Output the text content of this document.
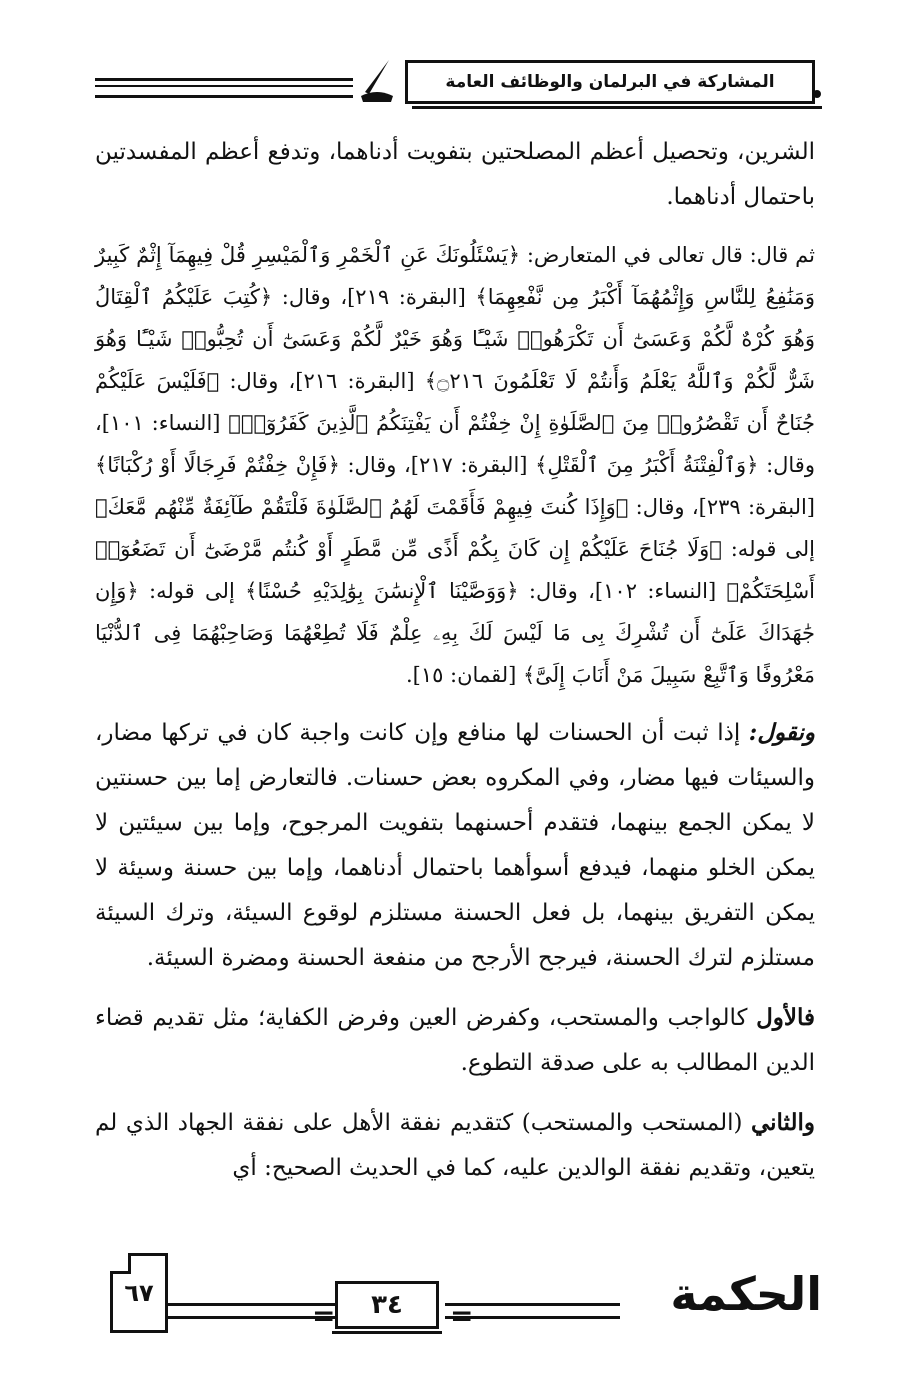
المشاركة في البرلمان والوظائف العامة

الشرين، وتحصيل أعظم المصلحتين بتفويت أدناهما، وتدفع أعظم المفسدتين باحتمال أدناهما.

ثم قال: قال تعالى في المتعارض: ﴿يَسْئَلُونَكَ عَنِ ٱلْخَمْرِ وَٱلْمَيْسِرِ قُلْ فِيهِمَآ إِثْمٌ كَبِيرٌ وَمَنَٰفِعُ لِلنَّاسِ وَإِثْمُهُمَآ أَكْبَرُ مِن نَّفْعِهِمَا﴾ [البقرة: ٢١٩]، وقال: ﴿كُتِبَ عَلَيْكُمُ ٱلْقِتَالُ وَهُوَ كُرْهٌ لَّكُمْ وَعَسَىٰٓ أَن تَكْرَهُوا۟ شَيْـًٔا وَهُوَ خَيْرٌ لَّكُمْ وَعَسَىٰٓ أَن تُحِبُّوا۟ شَيْـًٔا وَهُوَ شَرٌّ لَّكُمْ وَٱللَّهُ يَعْلَمُ وَأَنتُمْ لَا تَعْلَمُونَ ۝٢١٦﴾ [البقرة: ٢١٦]، وقال: ﴿فَلَيْسَ عَلَيْكُمْ جُنَاحٌ أَن تَقْصُرُوا۟ مِنَ ٱلصَّلَوٰةِ إِنْ خِفْتُمْ أَن يَفْتِنَكُمُ ٱلَّذِينَ كَفَرُوٓا۟﴾ [النساء: ١٠١]، وقال: ﴿وَٱلْفِتْنَةُ أَكْبَرُ مِنَ ٱلْقَتْلِ﴾ [البقرة: ٢١٧]، وقال: ﴿فَإِنْ خِفْتُمْ فَرِجَالًا أَوْ رُكْبَانًا﴾ [البقرة: ٢٣٩]، وقال: ﴿وَإِذَا كُنتَ فِيهِمْ فَأَقَمْتَ لَهُمُ ٱلصَّلَوٰةَ فَلْتَقُمْ طَآئِفَةٌ مِّنْهُم مَّعَكَ﴾ إلى قوله: ﴿وَلَا جُنَاحَ عَلَيْكُمْ إِن كَانَ بِكُمْ أَذًى مِّن مَّطَرٍ أَوْ كُنتُم مَّرْضَىٰٓ أَن تَضَعُوٓا۟ أَسْلِحَتَكُمْ﴾ [النساء: ١٠٢]، وقال: ﴿وَوَصَّيْنَا ٱلْإِنسَٰنَ بِوَٰلِدَيْهِ حُسْنًا﴾ إلى قوله: ﴿وَإِن جَٰهَدَاكَ عَلَىٰٓ أَن تُشْرِكَ بِى مَا لَيْسَ لَكَ بِهِۦ عِلْمٌ فَلَا تُطِعْهُمَا وَصَاحِبْهُمَا فِى ٱلدُّنْيَا مَعْرُوفًا وَٱتَّبِعْ سَبِيلَ مَنْ أَنَابَ إِلَىَّ﴾ [لقمان: ١٥].

ونقول: إذا ثبت أن الحسنات لها منافع وإن كانت واجبة كان في تركها مضار، والسيئات فيها مضار، وفي المكروه بعض حسنات. فالتعارض إما بين حسنتين لا يمكن الجمع بينهما، فتقدم أحسنهما بتفويت المرجوح، وإما بين سيئتين لا يمكن الخلو منهما، فيدفع أسوأهما باحتمال أدناهما، وإما بين حسنة وسيئة لا يمكن التفريق بينهما، بل فعل الحسنة مستلزم لوقوع السيئة، وترك السيئة مستلزم لترك الحسنة، فيرجح الأرجح من منفعة الحسنة ومضرة السيئة.

فالأول كالواجب والمستحب، وكفرض العين وفرض الكفاية؛ مثل تقديم قضاء الدين المطالب به على صدقة التطوع.

والثاني (المستحب والمستحب) كتقديم نفقة الأهل على نفقة الجهاد الذي لم يتعين، وتقديم نفقة الوالدين عليه، كما في الحديث الصحيح: أي

٦٧
=	٣٤	=	الحكمة
